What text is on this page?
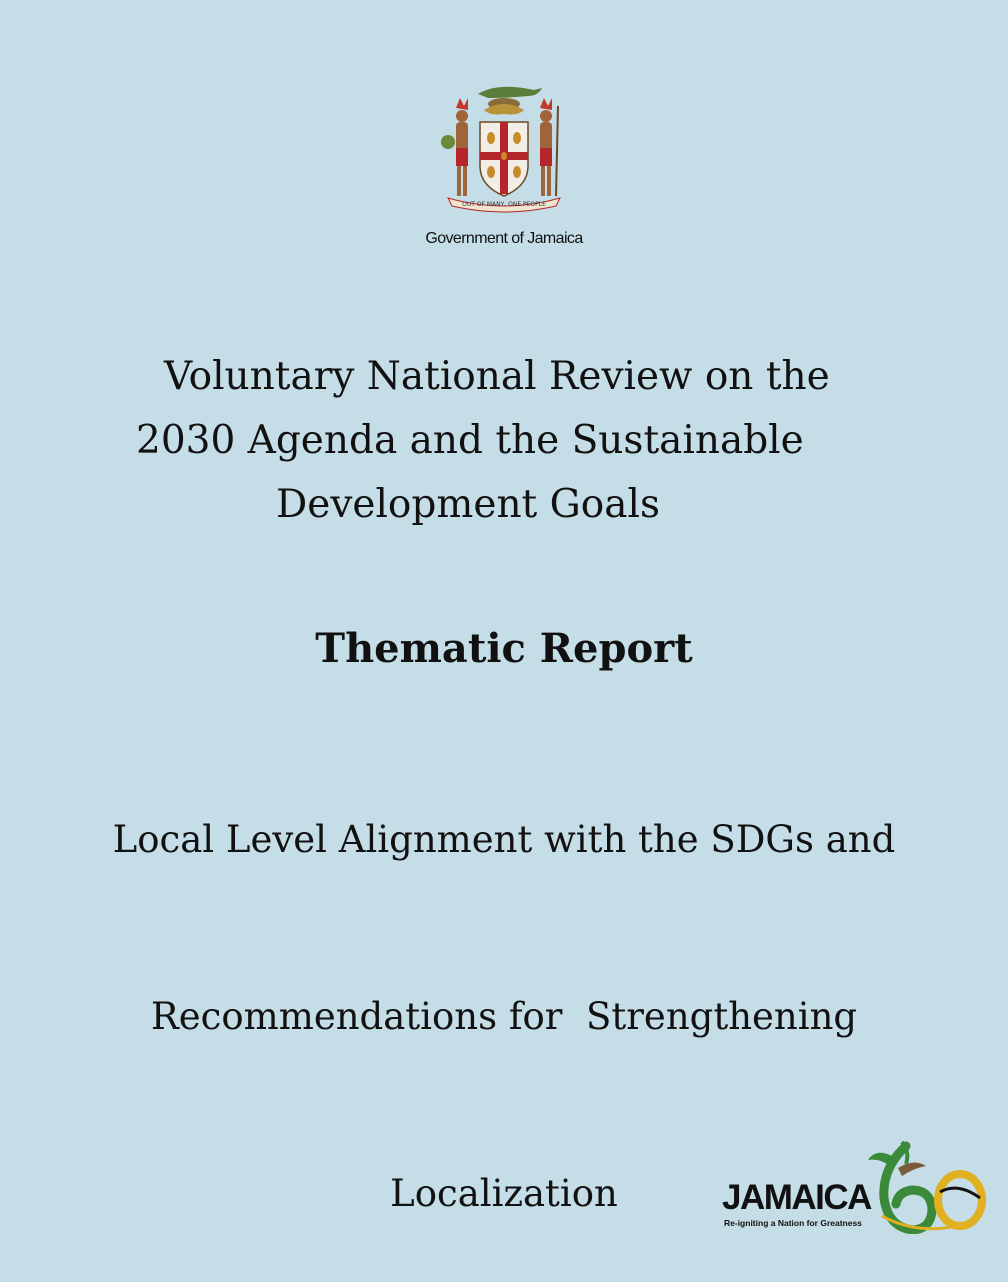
OUT OF MANY, ONE PEOPLE
Government of Jamaica
Voluntary National Review on the
2030 Agenda and the Sustainable
Development Goals
Thematic Report

Local Level Alignment with the SDGs and

Recommendations for  Strengthening

Localization	JAMAICA
Re-igniting a Nation for Greatness
